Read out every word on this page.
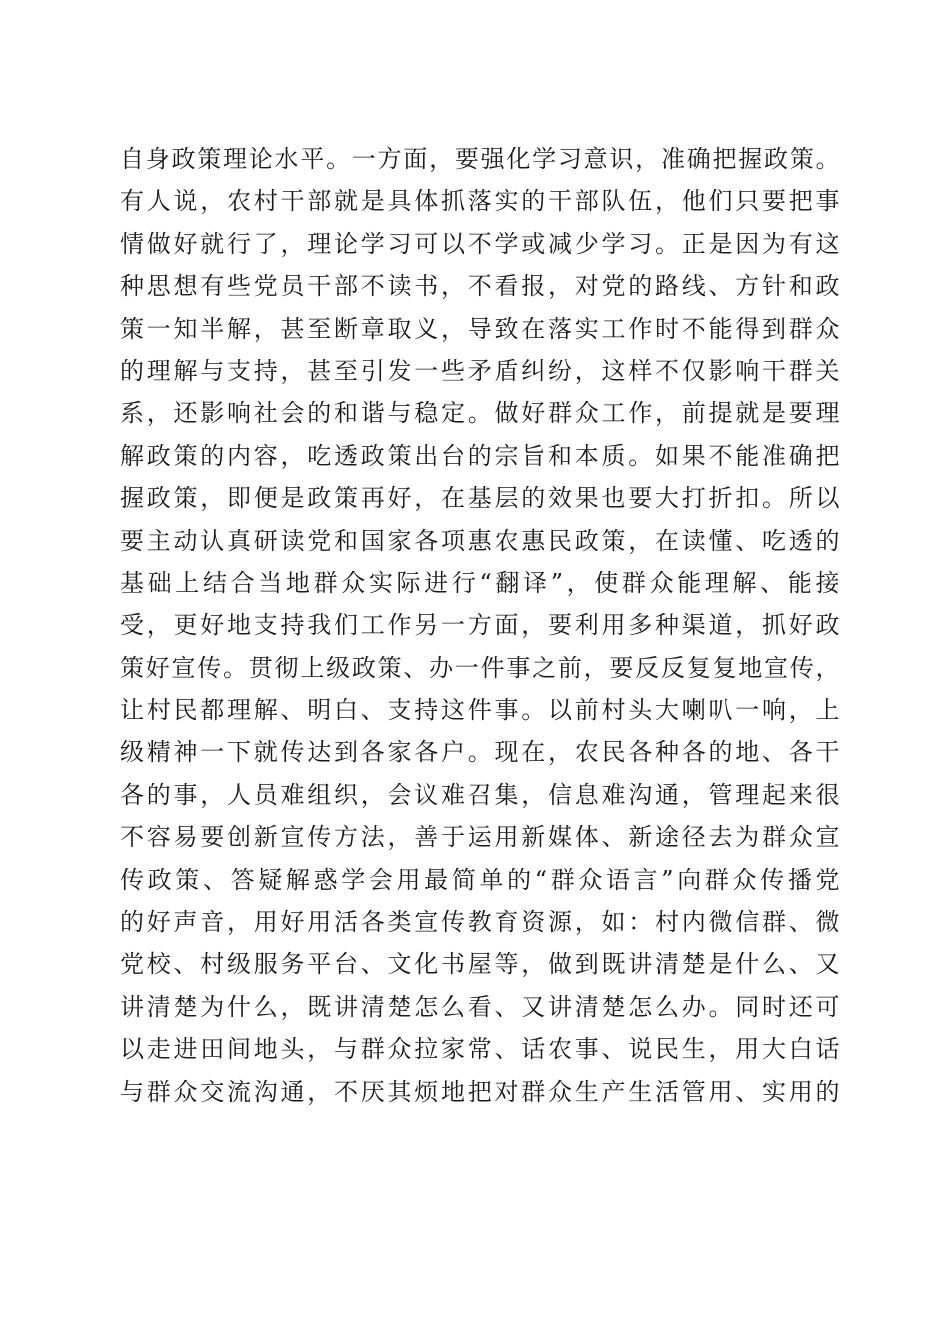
自身政策理论水平。一方面，要强化学习意识，准确把握政策。
有人说，农村干部就是具体抓落实的干部队伍，他们只要把事
情做好就行了，理论学习可以不学或减少学习。正是因为有这
种思想有些党员干部不读书，不看报，对党的路线、方针和政
策一知半解，甚至断章取义，导致在落实工作时不能得到群众
的理解与支持，甚至引发一些矛盾纠纷，这样不仅影响干群关
系，还影响社会的和谐与稳定。做好群众工作，前提就是要理
解政策的内容，吃透政策出台的宗旨和本质。如果不能准确把
握政策，即便是政策再好，在基层的效果也要大打折扣。所以
要主动认真研读党和国家各项惠农惠民政策，在读懂、吃透的
基础上结合当地群众实际进行“翻译”，使群众能理解、能接
受，更好地支持我们工作另一方面，要利用多种渠道，抓好政
策好宣传。贯彻上级政策、办一件事之前，要反反复复地宣传，
让村民都理解、明白、支持这件事。以前村头大喇叭一响，上
级精神一下就传达到各家各户。现在，农民各种各的地、各干
各的事，人员难组织，会议难召集，信息难沟通，管理起来很
不容易要创新宣传方法，善于运用新媒体、新途径去为群众宣
传政策、答疑解惑学会用最简单的“群众语言”向群众传播党
的好声音，用好用活各类宣传教育资源，如：村内微信群、微
党校、村级服务平台、文化书屋等，做到既讲清楚是什么、又
讲清楚为什么，既讲清楚怎么看、又讲清楚怎么办。同时还可
以走进田间地头，与群众拉家常、话农事、说民生，用大白话
与群众交流沟通，不厌其烦地把对群众生产生活管用、实用的
